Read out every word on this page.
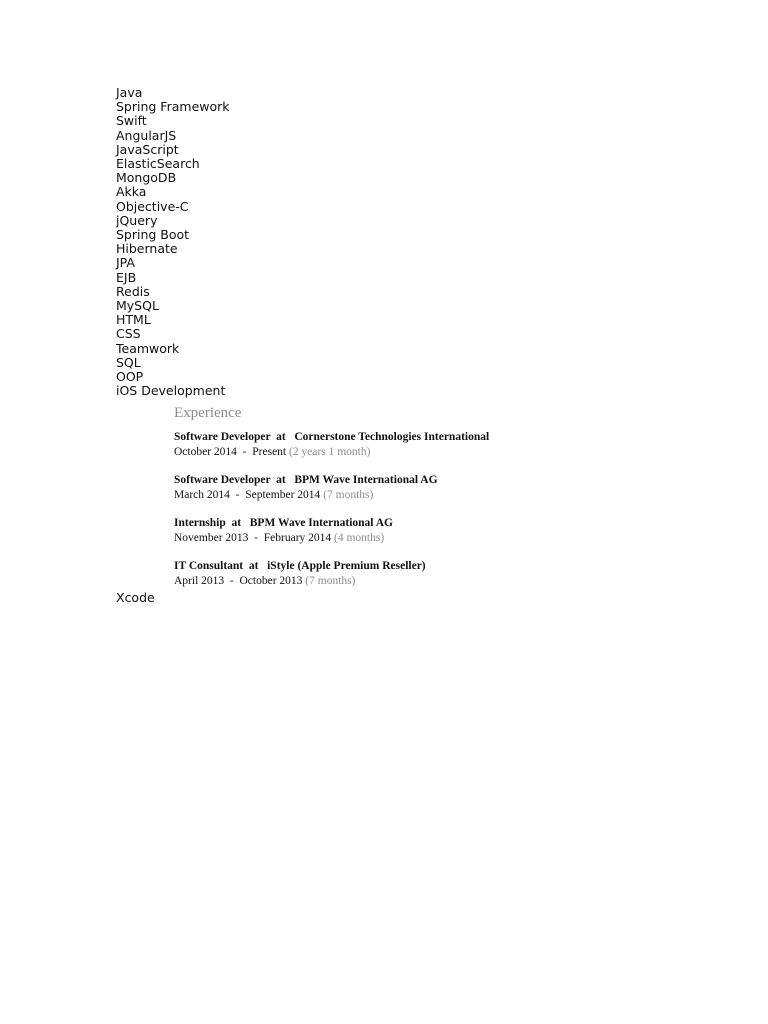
Java
Spring Framework
Swift
AngularJS
JavaScript
ElasticSearch
MongoDB
Akka
Objective-C
jQuery
Spring Boot
Hibernate
JPA
EJB
Redis
MySQL
HTML
CSS
Teamwork
SQL
OOP
iOS Development
Experience
Software Developer at Cornerstone Technologies International
October 2014 - Present (2 years 1 month)
Software Developer at BPM Wave International AG
March 2014 - September 2014 (7 months)
Internship at BPM Wave International AG
November 2013 - February 2014 (4 months)
IT Consultant at iStyle (Apple Premium Reseller)
April 2013 - October 2013 (7 months)
Xcode
